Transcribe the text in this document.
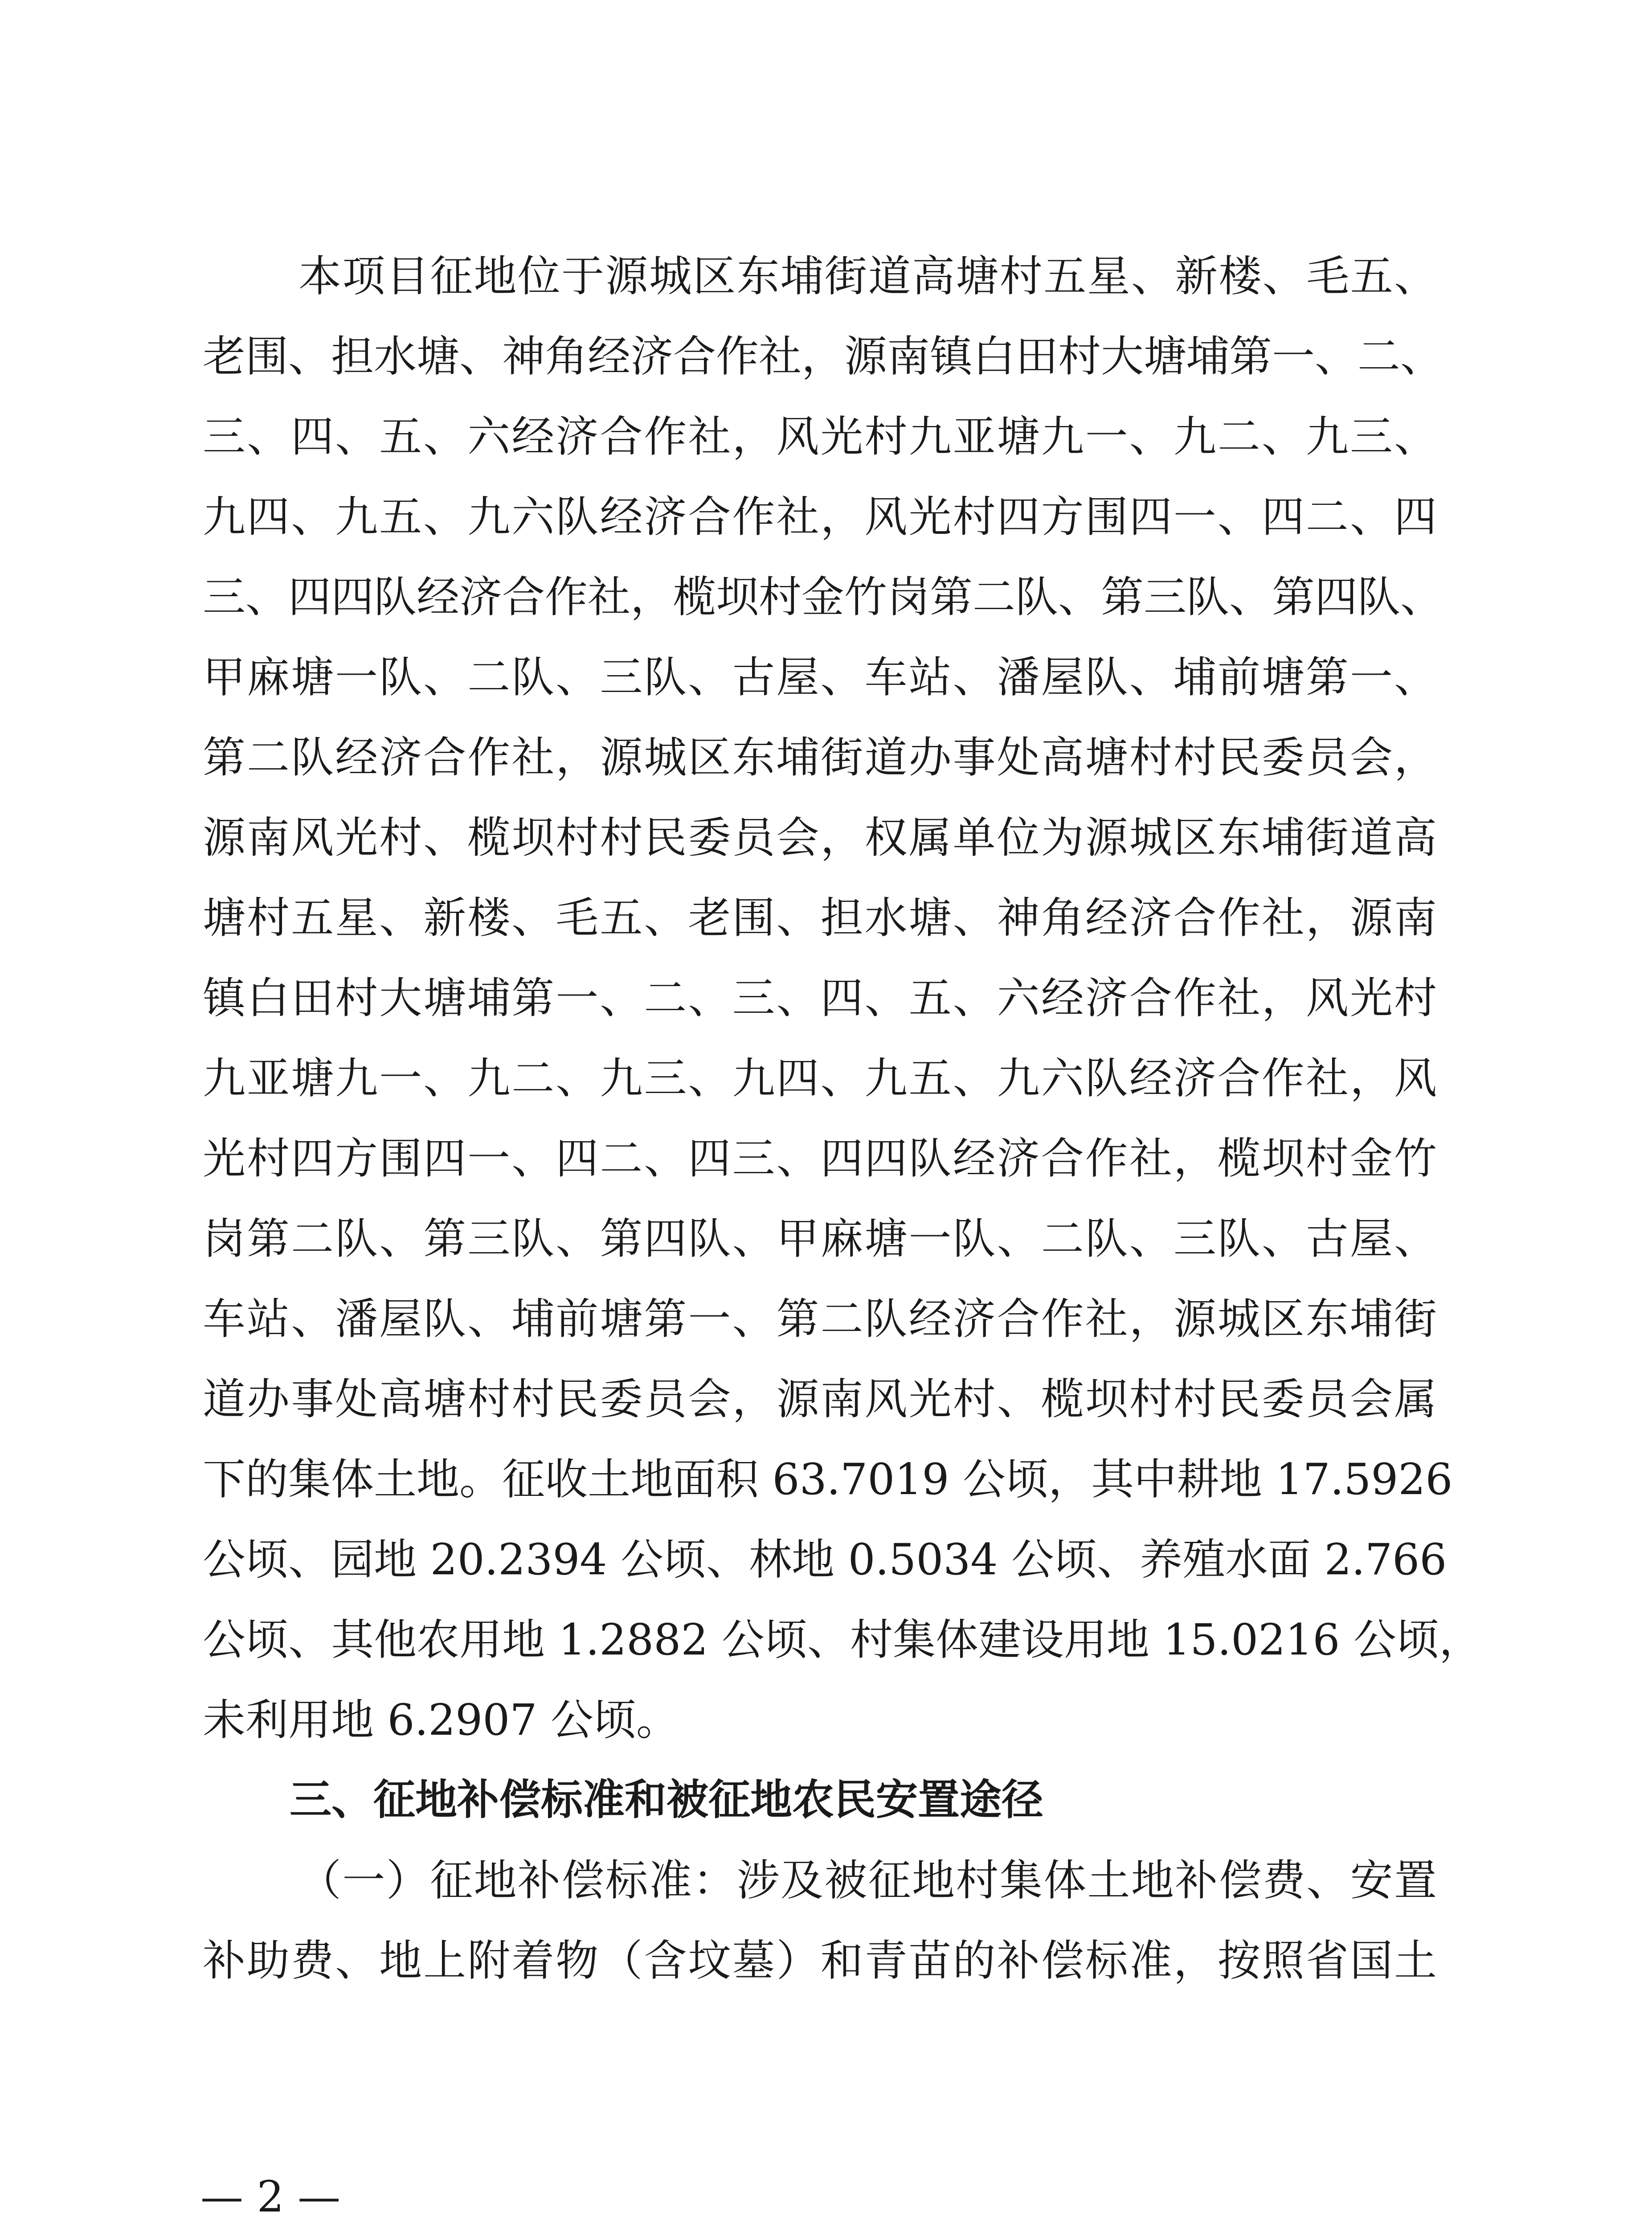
本项目征地位于源城区东埔街道高塘村五星、新楼、毛五、
老围、担水塘、神角经济合作社，源南镇白田村大塘埔第一、二、
三、四、五、六经济合作社，风光村九亚塘九一、九二、九三、
九四、九五、九六队经济合作社，风光村四方围四一、四二、四
三、四四队经济合作社，榄坝村金竹岗第二队、第三队、第四队、
甲麻塘一队、二队、三队、古屋、车站、潘屋队、埔前塘第一、
第二队经济合作社，源城区东埔街道办事处高塘村村民委员会，
源南风光村、榄坝村村民委员会，权属单位为源城区东埔街道高
塘村五星、新楼、毛五、老围、担水塘、神角经济合作社，源南
镇白田村大塘埔第一、二、三、四、五、六经济合作社，风光村
九亚塘九一、九二、九三、九四、九五、九六队经济合作社，风
光村四方围四一、四二、四三、四四队经济合作社，榄坝村金竹
岗第二队、第三队、第四队、甲麻塘一队、二队、三队、古屋、
车站、潘屋队、埔前塘第一、第二队经济合作社，源城区东埔街
道办事处高塘村村民委员会，源南风光村、榄坝村村民委员会属
下的集体土地。征收土地面积 63.7019 公顷，其中耕地 17.5926
公顷、园地 20.2394 公顷、林地 0.5034 公顷、养殖水面 2.766
公顷、其他农用地 1.2882 公顷、村集体建设用地 15.0216 公顷，
未利用地 6.2907 公顷。
三、征地补偿标准和被征地农民安置途径
（一）征地补偿标准：涉及被征地村集体土地补偿费、安置
补助费、地上附着物（含坟墓）和青苗的补偿标准，按照省国土
— 2 —
